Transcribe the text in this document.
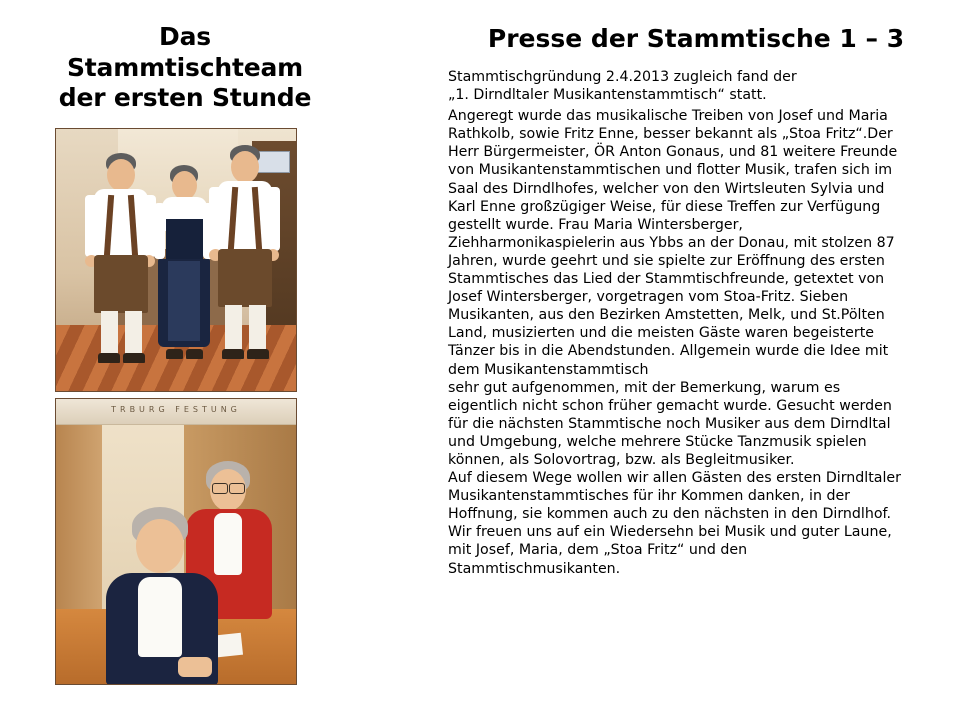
Das
Stammtischteam
der ersten Stunde
TRBURG FESTUNG
Presse der Stammtische 1 – 3

Stammtischgründung 2.4.2013 zugleich fand der

„1. Dirndltaler Musikantenstammtisch“ statt.

Angeregt wurde das musikalische Treiben von Josef und Maria Rathkolb, sowie Fritz Enne, besser bekannt als „Stoa Fritz“.Der Herr Bürgermeister, ÖR Anton Gonaus, und 81 weitere Freunde von Musikantenstammtischen und flotter Musik, trafen sich im Saal des Dirndlhofes, welcher von den Wirtsleuten Sylvia und Karl Enne großzügiger Weise, für diese Treffen zur Verfügung gestellt wurde. Frau Maria Wintersberger, Ziehharmonikaspielerin aus Ybbs an der Donau, mit stolzen 87 Jahren, wurde geehrt und sie spielte zur Eröffnung des ersten Stammtisches das Lied der Stammtischfreunde, getextet von Josef Wintersberger, vorgetragen vom Stoa-Fritz. Sieben Musikanten, aus den Bezirken Amstetten, Melk, und St.Pölten Land, musizierten und die meisten Gäste waren begeisterte Tänzer bis in die Abendstunden. Allgemein wurde die Idee mit dem Musikantenstammtisch

sehr gut aufgenommen, mit der Bemerkung, warum es eigentlich nicht schon früher gemacht wurde. Gesucht werden für die nächsten Stammtische noch Musiker aus dem Dirndltal und Umgebung, welche mehrere Stücke Tanzmusik spielen können, als Solovortrag, bzw. als Begleitmusiker.

Auf diesem Wege wollen wir allen Gästen des ersten Dirndltaler Musikantenstammtisches für ihr Kommen danken, in der Hoffnung, sie kommen auch zu den nächsten in den Dirndlhof.

Wir freuen uns auf ein Wiedersehn bei Musik und guter Laune,

mit Josef, Maria, dem „Stoa Fritz“ und den Stammtischmusikanten.
